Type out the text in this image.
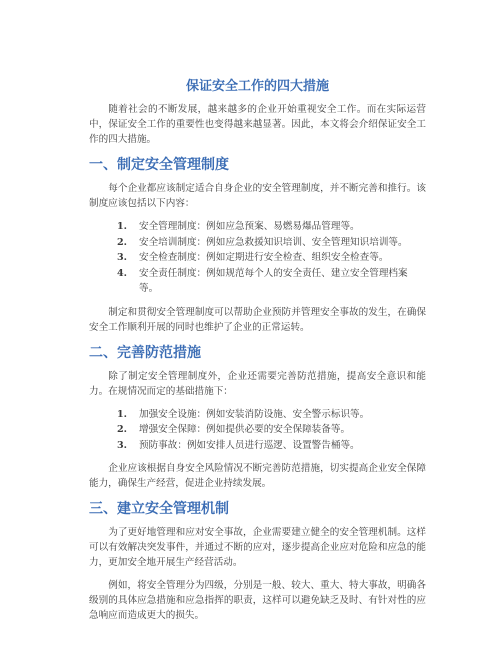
保证安全工作的四大措施

随着社会的不断发展，越来越多的企业开始重视安全工作。而在实际运营中，保证安全工作的重要性也变得越来越显著。因此，本文将会介绍保证安全工作的四大措施。

一、制定安全管理制度

每个企业都应该制定适合自身企业的安全管理制度，并不断完善和推行。该制度应该包括以下内容：

1.	安全管理制度：例如应急预案、易燃易爆品管理等。
2.	安全培训制度：例如应急救援知识培训、安全管理知识培训等。
3.	安全检查制度：例如定期进行安全检查、组织安全检查等。
4.	安全责任制度：例如规范每个人的安全责任、建立安全管理档案等。

制定和贯彻安全管理制度可以帮助企业预防并管理安全事故的发生，在确保安全工作顺利开展的同时也维护了企业的正常运转。

二、完善防范措施

除了制定安全管理制度外，企业还需要完善防范措施，提高安全意识和能力。在规情况而定的基础措施下：

1.	加强安全设施：例如安装消防设施、安全警示标识等。
2.	增强安全保障：例如提供必要的安全保障装备等。
3.	预防事故：例如安排人员进行巡逻、设置警告桶等。

企业应该根据自身安全风险情况不断完善防范措施，切实提高企业安全保障能力，确保生产经营，促进企业持续发展。

三、建立安全管理机制

为了更好地管理和应对安全事故，企业需要建立健全的安全管理机制。这样可以有效解决突发事件，并通过不断的应对，逐步提高企业应对危险和应急的能力，更加安全地开展生产经营活动。

例如，将安全管理分为四级，分别是一般、较大、重大、特大事故，明确各级别的具体应急措施和应急指挥的职责，这样可以避免缺乏及时、有针对性的应急响应而造成更大的损失。
